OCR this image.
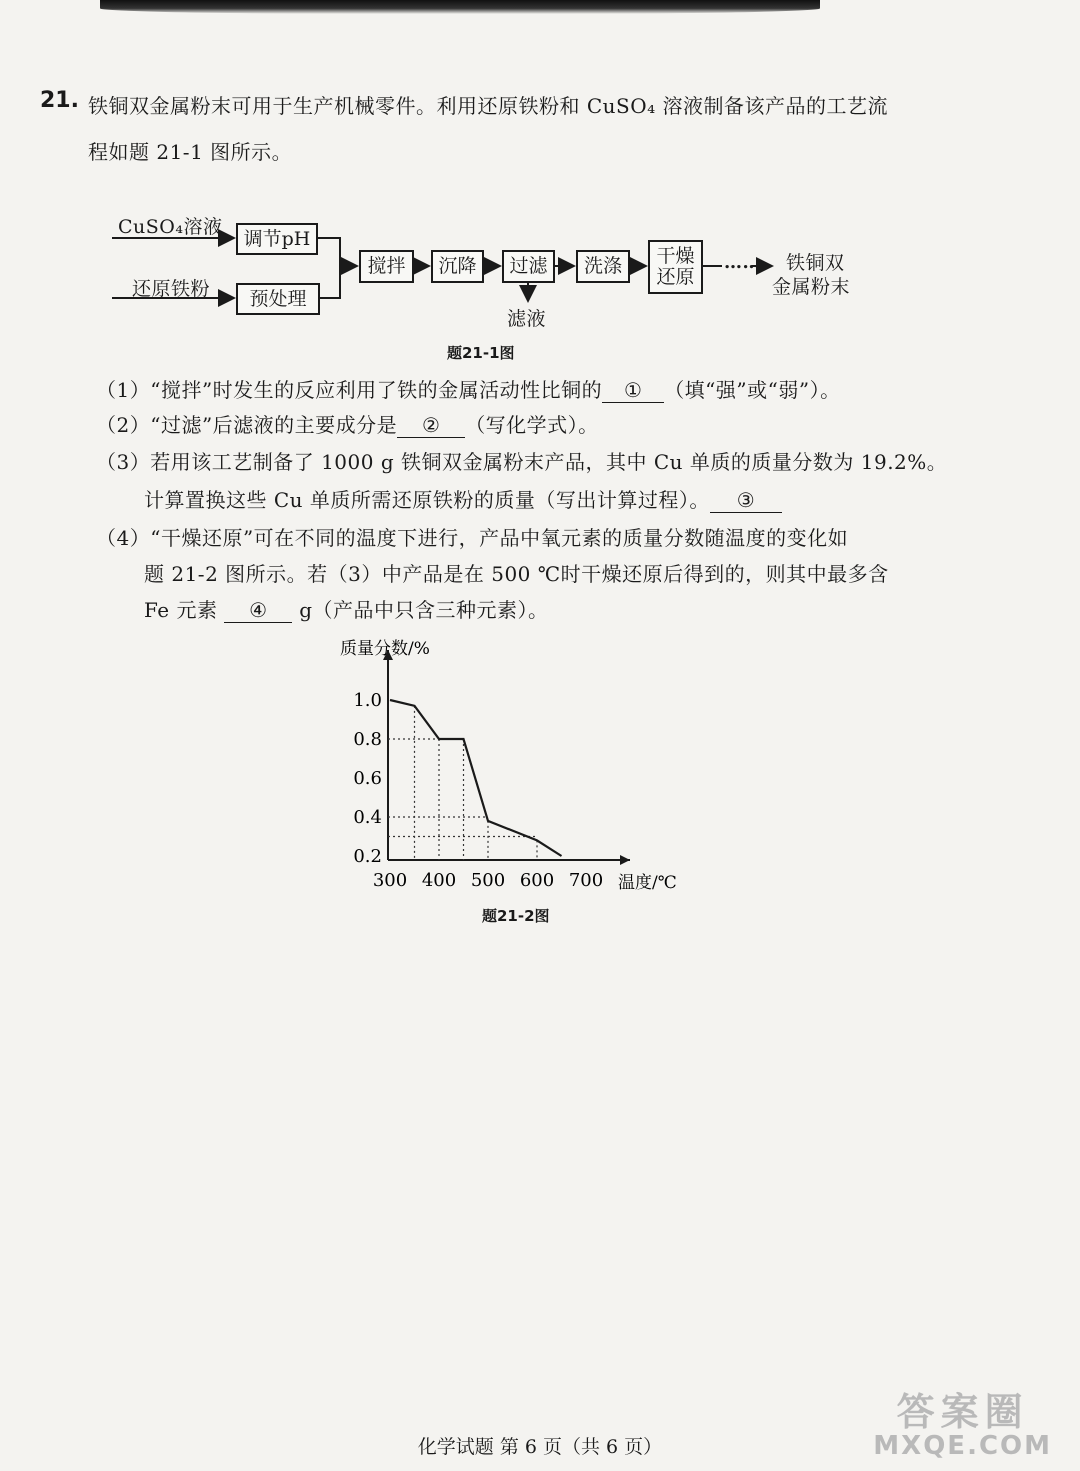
21. 铁铜双金属粉末可用于生产机械零件。利用还原铁粉和 CuSO₄ 溶液制备该产品的工艺流
程如题 21-1 图所示。
CuSO₄溶液
还原铁粉
调节pH
预处理
搅拌 沉降 过滤 洗涤 干燥
还原
…… 铁铜双
金属粉末
滤液
题21-1图
（1）“搅拌”时发生的反应利用了铁的金属活动性比铜的 ① （填“强”或“弱”）。
（2）“过滤”后滤液的主要成分是 ② （写化学式）。
（3）若用该工艺制备了 1000 g 铁铜双金属粉末产品，其中 Cu 单质的质量分数为 19.2%。
计算置换这些 Cu 单质所需还原铁粉的质量（写出计算过程）。 ③
（4）“干燥还原”可在不同的温度下进行，产品中氧元素的质量分数随温度的变化如
题 21-2 图所示。若（3）中产品是在 500 ℃时干燥还原后得到的，则其中最多含
Fe 元素 ④ g（产品中只含三种元素）。
0.2
0.4
0.6
0.8
1.0
300 400 500 600 700
质量分数/%
温度/℃
题21-2图
化学试题 第 6 页（共 6 页）
答案圈
MXQE.COM
